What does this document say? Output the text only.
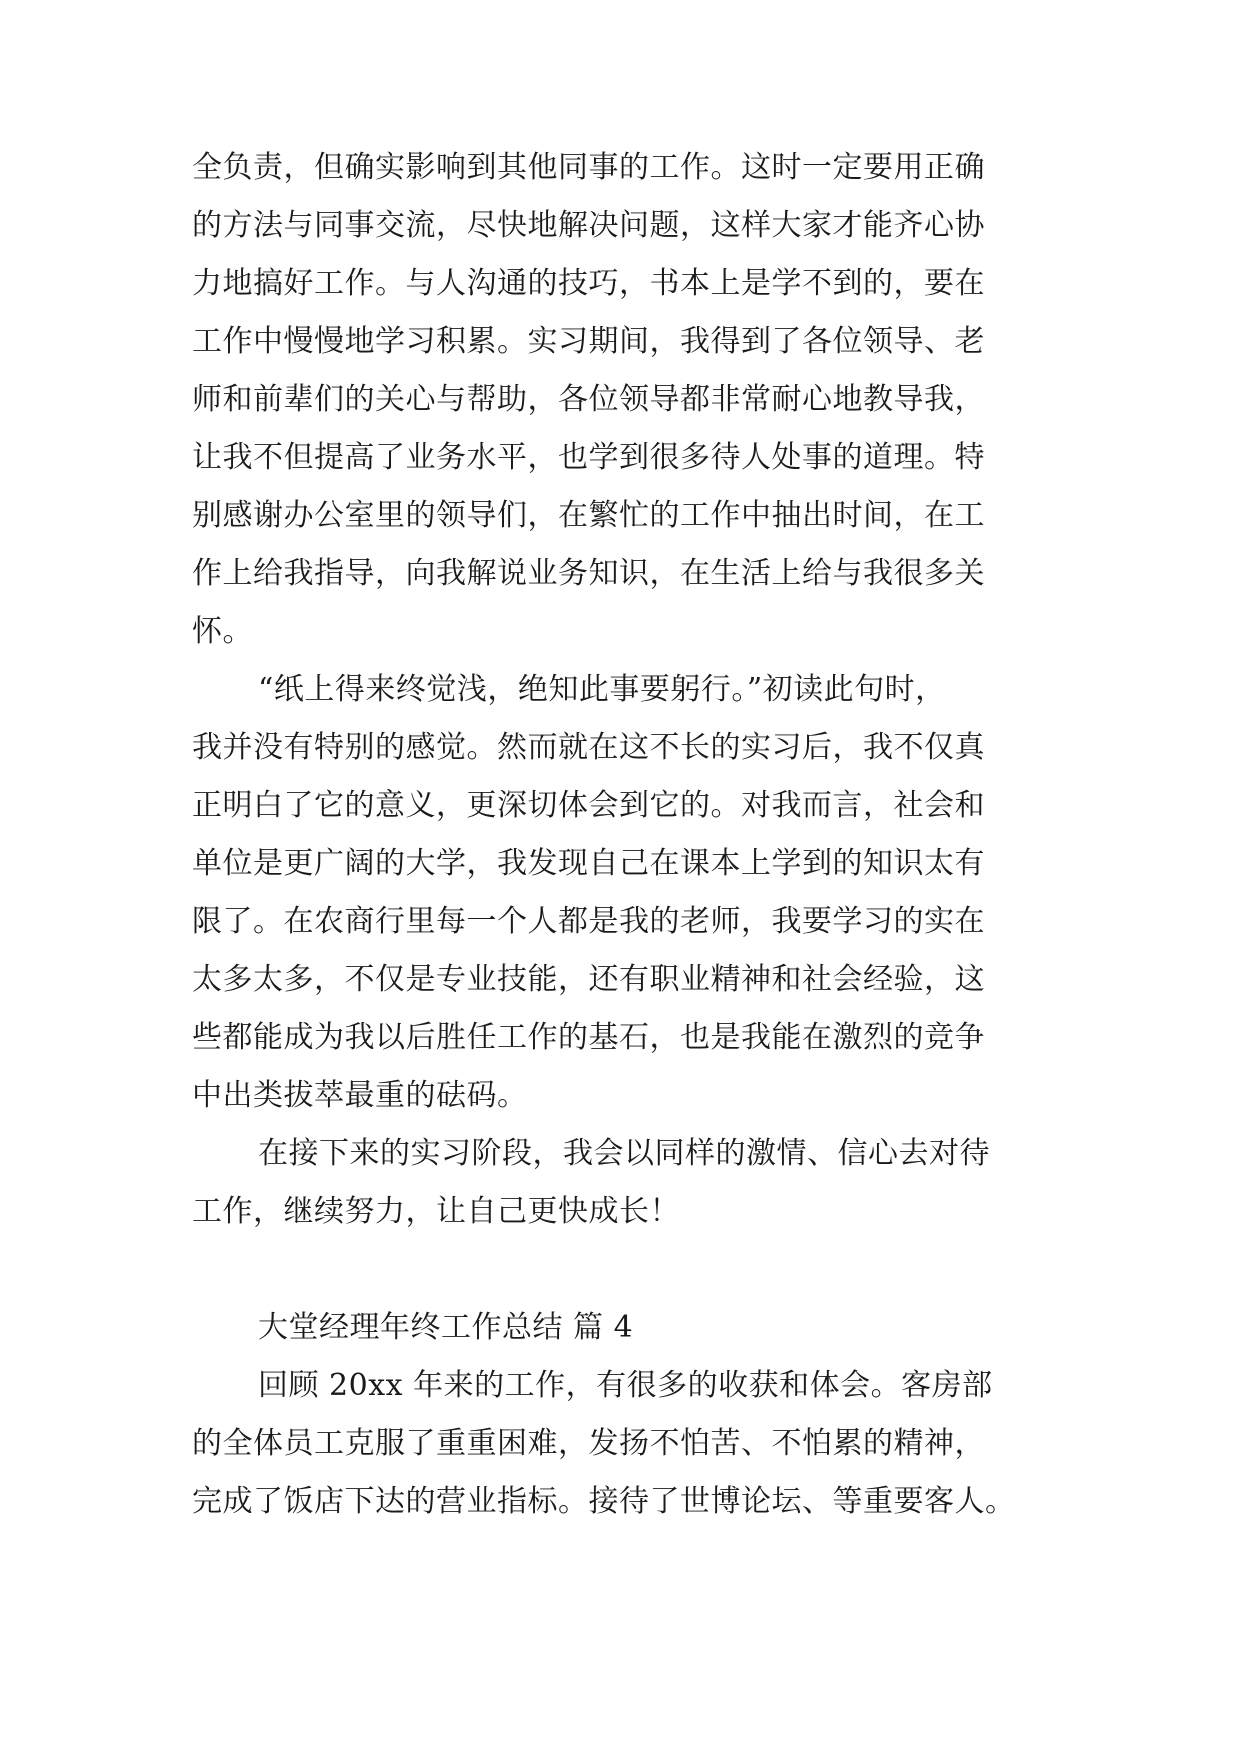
全负责，但确实影响到其他同事的工作。这时一定要用正确
的方法与同事交流，尽快地解决问题，这样大家才能齐心协
力地搞好工作。与人沟通的技巧，书本上是学不到的，要在
工作中慢慢地学习积累。实习期间，我得到了各位领导、老
师和前辈们的关心与帮助，各位领导都非常耐心地教导我，
让我不但提高了业务水平，也学到很多待人处事的道理。特
别感谢办公室里的领导们，在繁忙的工作中抽出时间，在工
作上给我指导，向我解说业务知识，在生活上给与我很多关
怀。
“纸上得来终觉浅，绝知此事要躬行。”初读此句时，
我并没有特别的感觉。然而就在这不长的实习后，我不仅真
正明白了它的意义，更深切体会到它的。对我而言，社会和
单位是更广阔的大学，我发现自己在课本上学到的知识太有
限了。在农商行里每一个人都是我的老师，我要学习的实在
太多太多，不仅是专业技能，还有职业精神和社会经验，这
些都能成为我以后胜任工作的基石，也是我能在激烈的竞争
中出类拔萃最重的砝码。
在接下来的实习阶段，我会以同样的激情、信心去对待
工作，继续努力，让自己更快成长！
大堂经理年终工作总结 篇 4
回顾 20xx 年来的工作，有很多的收获和体会。客房部
的全体员工克服了重重困难，发扬不怕苦、不怕累的精神，
完成了饭店下达的营业指标。接待了世博论坛、等重要客人。
